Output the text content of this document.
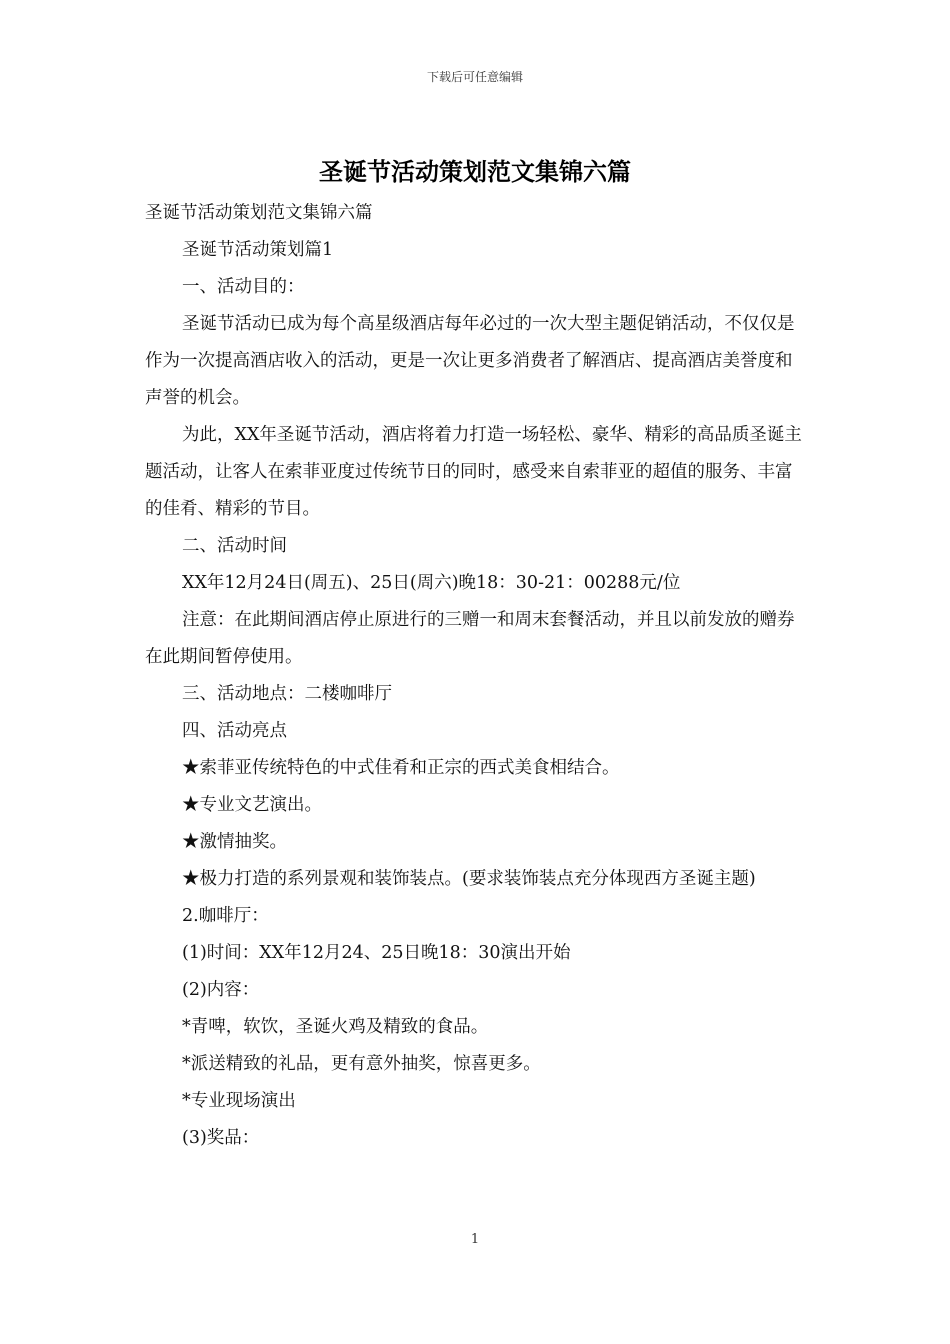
下载后可任意编辑
圣诞节活动策划范文集锦六篇

圣诞节活动策划范文集锦六篇

圣诞节活动策划篇1

一、活动目的：

圣诞节活动已成为每个高星级酒店每年必过的一次大型主题促销活动，不仅仅是作为一次提高酒店收入的活动，更是一次让更多消费者了解酒店、提高酒店美誉度和声誉的机会。

为此，XX年圣诞节活动，酒店将着力打造一场轻松、豪华、精彩的高品质圣诞主题活动，让客人在索菲亚度过传统节日的同时，感受来自索菲亚的超值的服务、丰富的佳肴、精彩的节目。

二、活动时间

XX年12月24日(周五)、25日(周六)晚18：30-21：00288元/位

注意：在此期间酒店停止原进行的三赠一和周末套餐活动，并且以前发放的赠券在此期间暂停使用。

三、活动地点：二楼咖啡厅

四、活动亮点

★索菲亚传统特色的中式佳肴和正宗的西式美食相结合。

★专业文艺演出。

★激情抽奖。

★极力打造的系列景观和装饰装点。(要求装饰装点充分体现西方圣诞主题)

2.咖啡厅：

(1)时间：XX年12月24、25日晚18：30演出开始

(2)内容：

*青啤，软饮，圣诞火鸡及精致的食品。

*派送精致的礼品，更有意外抽奖，惊喜更多。

*专业现场演出

(3)奖品：

1
